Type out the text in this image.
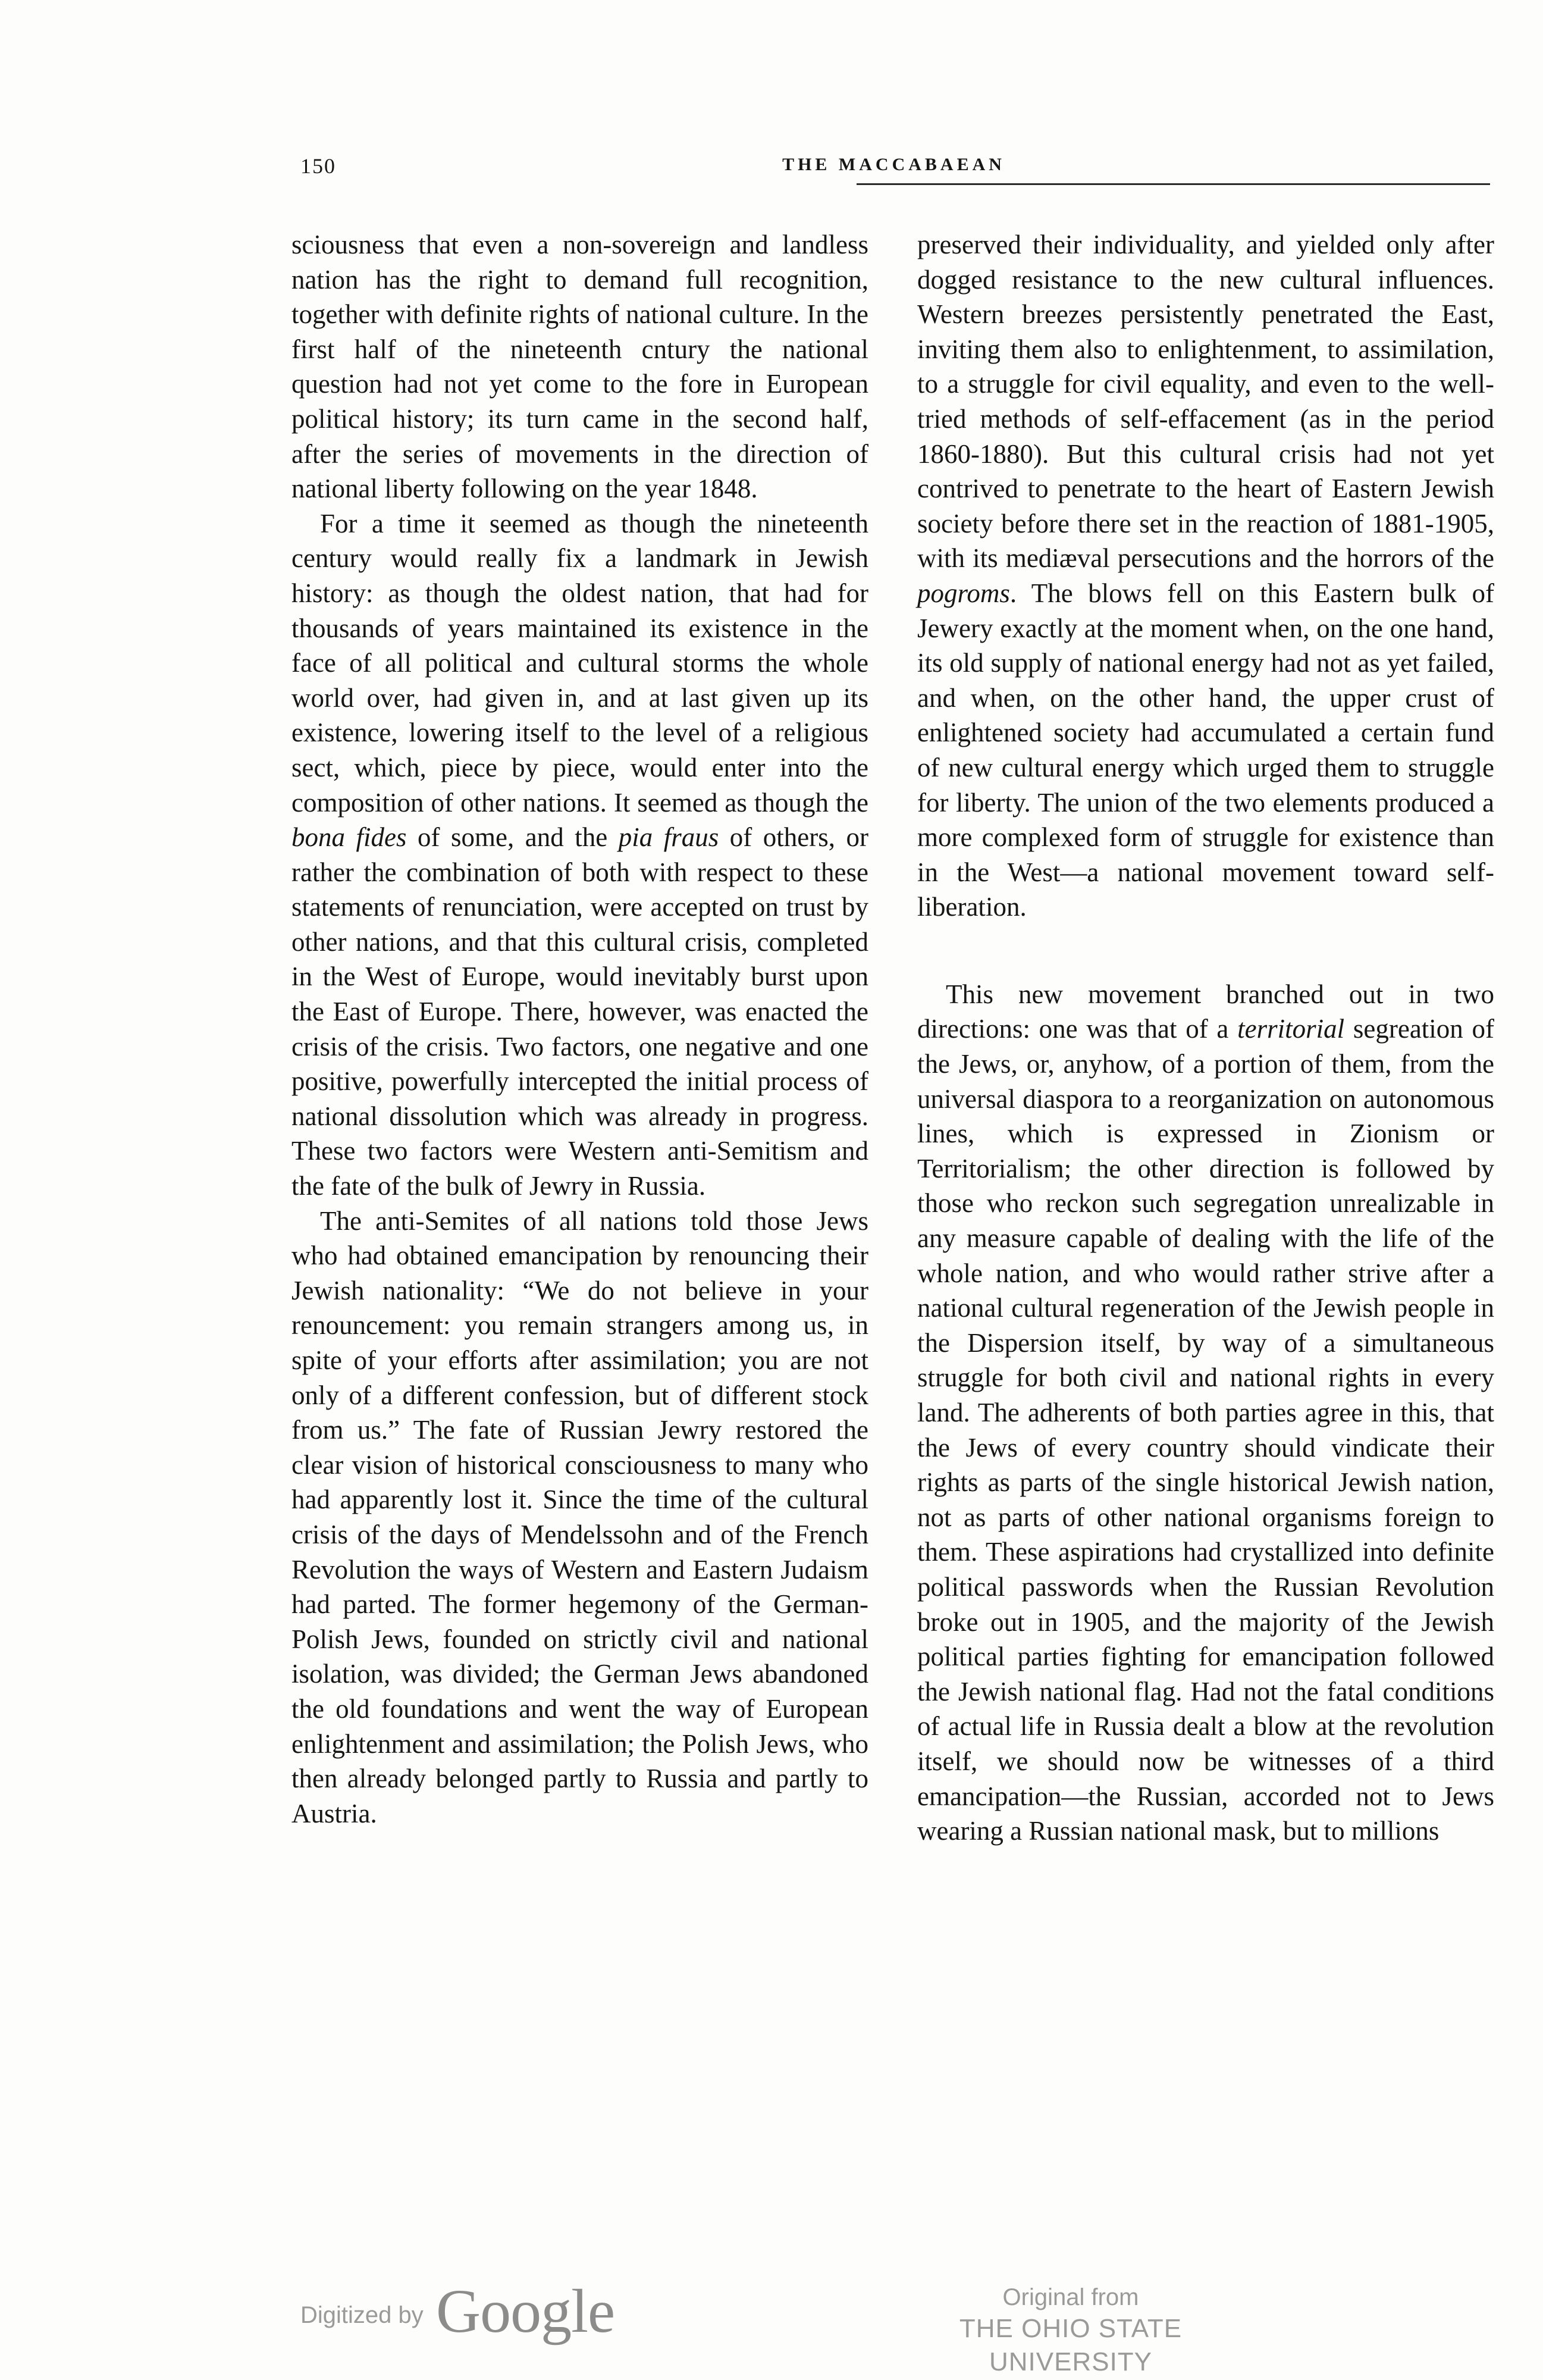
150	THE MACCABAEAN

sciousness that even a non-sovereign and landless nation has the right to demand full recognition, together with definite rights of national culture. In the first half of the nineteenth cntury the national question had not yet come to the fore in European political history; its turn came in the second half, after the series of movements in the direction of national liberty following on the year 1848.

For a time it seemed as though the nineteenth century would really fix a landmark in Jewish history: as though the oldest nation, that had for thousands of years maintained its existence in the face of all political and cultural storms the whole world over, had given in, and at last given up its existence, lowering itself to the level of a religious sect, which, piece by piece, would enter into the composition of other nations. It seemed as though the bona fides of some, and the pia fraus of others, or rather the combination of both with respect to these statements of renunciation, were accepted on trust by other nations, and that this cultural crisis, completed in the West of Europe, would inevitably burst upon the East of Europe. There, however, was enacted the crisis of the crisis. Two factors, one negative and one positive, powerfully intercepted the initial process of national dissolution which was already in progress. These two factors were Western anti-Semitism and the fate of the bulk of Jewry in Russia.

The anti-Semites of all nations told those Jews who had obtained emancipation by renouncing their Jewish nationality: “We do not believe in your renouncement: you remain strangers among us, in spite of your efforts after assimilation; you are not only of a different confession, but of different stock from us.” The fate of Russian Jewry restored the clear vision of historical consciousness to many who had apparently lost it. Since the time of the cultural crisis of the days of Mendelssohn and of the French Revolution the ways of Western and Eastern Judaism had parted. The former hegemony of the German-Polish Jews, founded on strictly civil and national isolation, was divided; the German Jews abandoned the old foundations and went the way of European enlightenment and assimilation; the Polish Jews, who then already belonged partly to Russia and partly to Austria.

preserved their individuality, and yielded only after dogged resistance to the new cultural influences. Western breezes persistently penetrated the East, inviting them also to enlightenment, to assimilation, to a struggle for civil equality, and even to the well-tried methods of self-effacement (as in the period 1860-1880). But this cultural crisis had not yet contrived to penetrate to the heart of Eastern Jewish society before there set in the reaction of 1881-1905, with its mediæval persecutions and the horrors of the pogroms. The blows fell on this Eastern bulk of Jewery exactly at the moment when, on the one hand, its old supply of national energy had not as yet failed, and when, on the other hand, the upper crust of enlightened society had accumulated a certain fund of new cultural energy which urged them to struggle for liberty. The union of the two elements produced a more complexed form of struggle for existence than in the West—a national movement toward self-liberation.

This new movement branched out in two directions: one was that of a territorial segreation of the Jews, or, anyhow, of a portion of them, from the universal diaspora to a reorganization on autonomous lines, which is expressed in Zionism or Territorialism; the other direction is followed by those who reckon such segregation unrealizable in any measure capable of dealing with the life of the whole nation, and who would rather strive after a national cultural regeneration of the Jewish people in the Dispersion itself, by way of a simultaneous struggle for both civil and national rights in every land. The adherents of both parties agree in this, that the Jews of every country should vindicate their rights as parts of the single historical Jewish nation, not as parts of other national organisms foreign to them. These aspirations had crystallized into definite political passwords when the Russian Revolution broke out in 1905, and the majority of the Jewish political parties fighting for emancipation followed the Jewish national flag. Had not the fatal conditions of actual life in Russia dealt a blow at the revolution itself, we should now be witnesses of a third emancipation—the Russian, accorded not to Jews wearing a Russian national mask, but to millions

Digitized by Google	Original from
THE OHIO STATE UNIVERSITY
